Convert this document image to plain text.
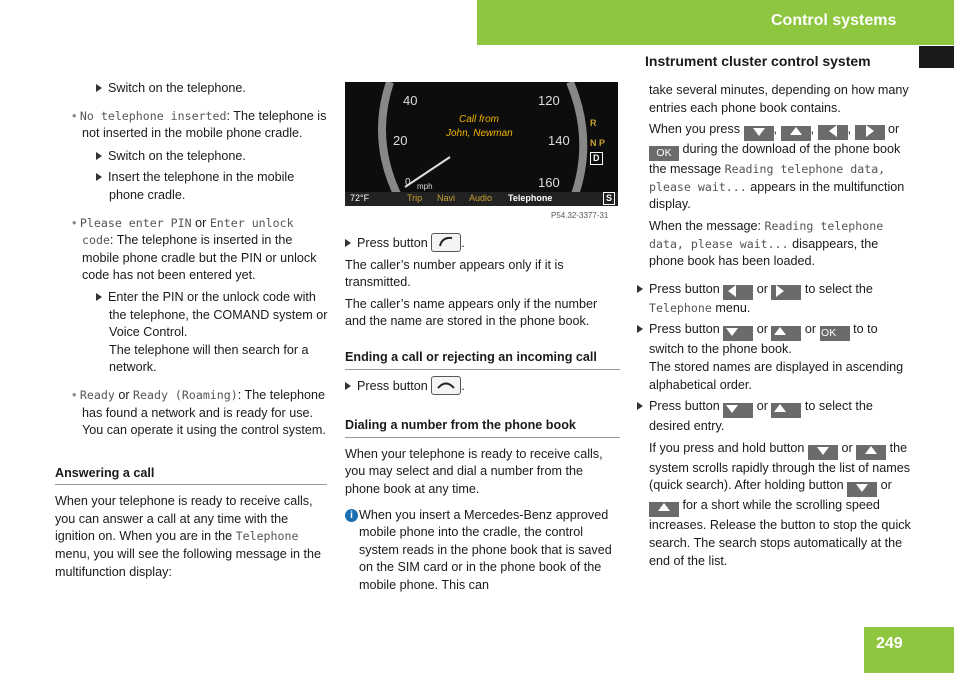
Control systems
Instrument cluster control system
Switch on the telephone.
• No telephone inserted: The telephone is not inserted in the mobile phone cradle.
Switch on the telephone.
Insert the telephone in the mobile phone cradle.
• Please enter PIN or Enter unlock code: The telephone is inserted in the mobile phone cradle but the PIN or unlock code has not been entered yet.
Enter the PIN or the unlock code with the telephone, the COMAND system or Voice Control.
The telephone will then search for a network.
• Ready or Ready (Roaming): The telephone has found a network and is ready for use. You can operate it using the control system.
Answering a call
When your telephone is ready to receive calls, you can answer a call at any time with the ignition on. When you are in the Telephone menu, you will see the following message in the multifunction display:
40
20
0 mph
120
140
160
Call from
John, Newman
R
N P
D
72°F	Trip Navi Audio Telephone	S
P54.32-3377-31
Press button	.

The caller’s number appears only if it is transmitted.

The caller’s name appears only if the number and the name are stored in the phone book.

Ending a call or rejecting an incoming call
Press button	.
Dialing a number from the phone book

When your telephone is ready to receive calls, you may select and dial a number from the phone book at any time.

i When you insert a Mercedes-Benz approved mobile phone into the cradle, the control system reads in the phone book that is saved on the SIM card or in the phone book of the mobile phone. This can

take several minutes, depending on how many entries each phone book contains.

When you press	, , ,	or OK during the download of the phone book the message Reading telephone data, please wait... appears in the multifunction display.
When the message: Reading telephone data, please wait... disappears, the phone book has been loaded.
Press button	or	to select the Telephone menu.
Press button	or	or OK to to switch to the phone book.

The stored names are displayed in ascending alphabetical order.

Press button	or	to select the desired entry.
If you press and hold button	or	the system scrolls rapidly through the list of names (quick search). After holding button	or  for a short while the scrolling speed increases. Release the button to stop the quick search. The search stops automatically at the end of the list.
249
